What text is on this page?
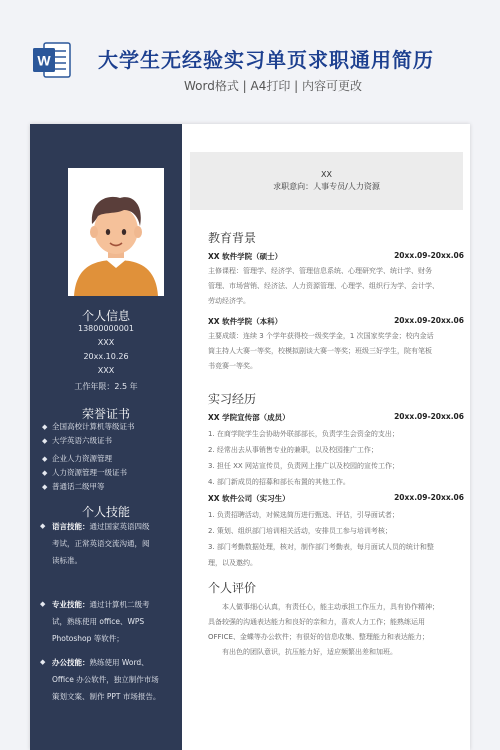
W 大学生无经验实习单页求职通用简历
Word格式 | A4打印 | 内容可更改
个人信息
13800000001
XXX
20xx.10.26
XXX
工作年限：2.5 年
荣誉证书
◆ 全国高校计算机等级证书
◆ 大学英语六级证书
◆ 企业人力资源管理
◆ 人力资源管理一级证书
◆ 普通话二级甲等
个人技能
◆ 语言技能：通过国家英语四级
考试，正常英语交流沟通，阅
读标准。
◆ 专业技能：通过计算机二级考
试，熟练使用 office、WPS
Photoshop 等软件；
◆ 办公技能：熟练使用 Word、
Office 办公软件，独立制作市场
策划文案、制作 PPT 市场报告。
XX
求职意向：人事专员/人力资源
教育背景
XX 软件学院（硕士）	20xx.09-20xx.06
主修课程：管理学、经济学、管理信息系统、心理研究学、统计学、财务
管理、市场营销、经济法、人力资源管理、心理学、组织行为学、会计学、
劳动经济学。
XX 软件学院（本科）	20xx.09-20xx.06
主要成绩：连续 3 个学年获得校一级奖学金，1 次国家奖学金；校内金话
筒主持人大赛一等奖，校模拟剧谈大赛一等奖；班级三好学生，院有笔板
书竞赛一等奖。
实习经历
XX 学院宣传部（成员）	20xx.09-20xx.06
1. 在商学院学生会协助外联部部长，负责学生会资金的支出；
2. 经常出去从事销售专业的兼职，以及校园推广工作；
3. 担任 XX 网站宣传员，负责网上推广以及校园的宣传工作；
4. 部门新成员的招募和部长布置的其他工作。
XX 软件公司（实习生）	20xx.09-20xx.06
1. 负责招聘活动，对候选简历进行甄选、评估，引导面试者；
2. 策划、组织部门培训相关活动，安排员工参与培训考核；
3. 部门考勤数据处理，核对，制作部门考勤表，每月面试人员的统计和整
理，以及邀约。
个人评价
本人做事细心认真，有责任心，能主动承担工作压力，具有协作精神；
具备较强的沟通表达能力和良好的亲和力，喜欢人力工作；能熟练运用
OFFICE、金蝶等办公软件；有很好的信息收集、整理能力和表达能力；
有出色的团队意识，抗压能力好，适应频繁出差和加班。
